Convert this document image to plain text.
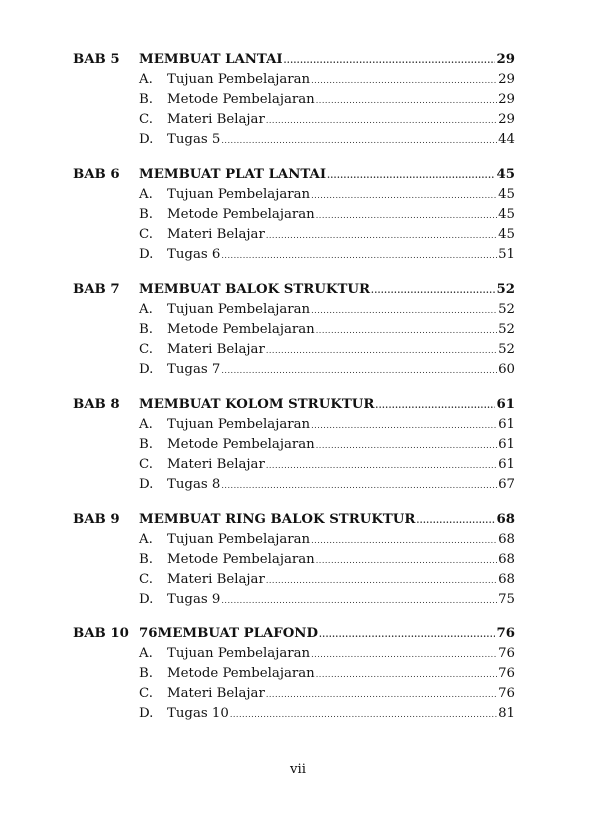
BAB 5 MEMBUAT LANTAI .....	29
A.	Tujuan Pembelajaran .....	29
B.	Metode Pembelajaran .....	29
C.	Materi Belajar .....	29
D.	Tugas 5 .....	44
BAB 6 MEMBUAT PLAT LANTAI .....	45
A.	Tujuan Pembelajaran .....	45
B.	Metode Pembelajaran .....	45
C.	Materi Belajar .....	45
D.	Tugas 6 .....	51
BAB 7 MEMBUAT BALOK STRUKTUR .....	52
A.	Tujuan Pembelajaran .....	52
B.	Metode Pembelajaran .....	52
C.	Materi Belajar .....	52
D.	Tugas 7 .....	60
BAB 8 MEMBUAT KOLOM STRUKTUR .....	61
A.	Tujuan Pembelajaran .....	61
B.	Metode Pembelajaran .....	61
C.	Materi Belajar .....	61
D.	Tugas 8 .....	67
BAB 9 MEMBUAT RING BALOK STRUKTUR .....	68
A.	Tujuan Pembelajaran .....	68
B.	Metode Pembelajaran .....	68
C.	Materi Belajar .....	68
D.	Tugas 9 .....	75
BAB 10 76MEMBUAT PLAFOND .....	76
A.	Tujuan Pembelajaran .....	76
B.	Metode Pembelajaran .....	76
C.	Materi Belajar .....	76
D.	Tugas 10 .....	81
vii
